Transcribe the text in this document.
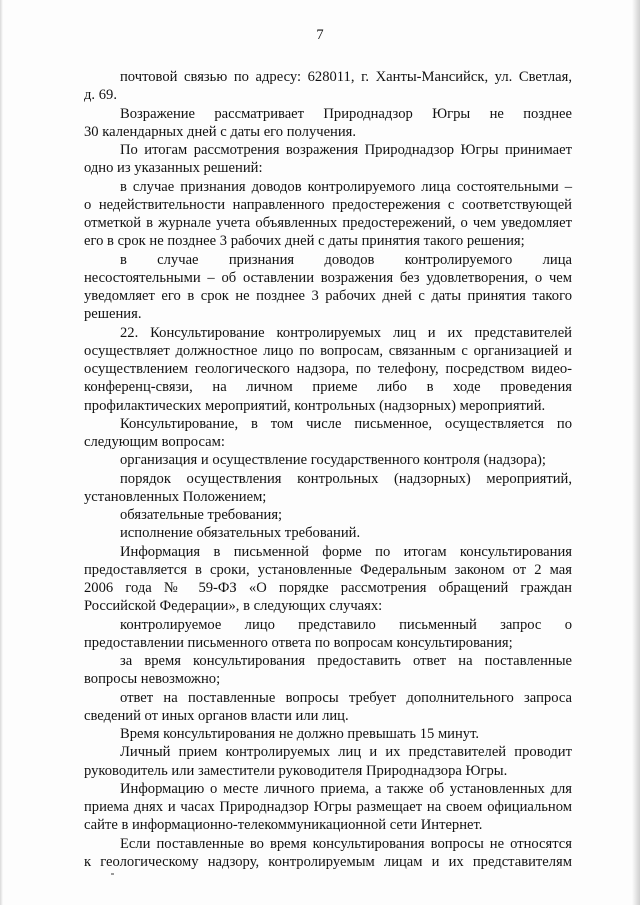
7
почтовой связью по адресу: 628011, г. Ханты-Мансийск, ул. Светлая,
д. 69.
Возражение рассматривает Природнадзор Югры не позднее
30 календарных дней с даты его получения.
По итогам рассмотрения возражения Природнадзор Югры принимает
одно из указанных решений:
в случае признания доводов контролируемого лица состоятельными –
о недействительности направленного предостережения с соответствующей
отметкой в журнале учета объявленных предостережений, о чем уведомляет
его в срок не позднее 3 рабочих дней с даты принятия такого решения;
в случае признания доводов контролируемого лица
несостоятельными – об оставлении возражения без удовлетворения, о чем
уведомляет его в срок не позднее 3 рабочих дней с даты принятия такого
решения.
22. Консультирование контролируемых лиц и их представителей
осуществляет должностное лицо по вопросам, связанным с организацией и
осуществлением геологического надзора, по телефону, посредством видео-
конференц-связи, на личном приеме либо в ходе проведения
профилактических мероприятий, контрольных (надзорных) мероприятий.
Консультирование, в том числе письменное, осуществляется по
следующим вопросам:
организация и осуществление государственного контроля (надзора);
порядок осуществления контрольных (надзорных) мероприятий,
установленных Положением;
обязательные требования;
исполнение обязательных требований.
Информация в письменной форме по итогам консультирования
предоставляется в сроки, установленные Федеральным законом от 2 мая
2006 года № 59-ФЗ «О порядке рассмотрения обращений граждан
Российской Федерации», в следующих случаях:
контролируемое лицо представило письменный запрос о
предоставлении письменного ответа по вопросам консультирования;
за время консультирования предоставить ответ на поставленные
вопросы невозможно;
ответ на поставленные вопросы требует дополнительного запроса
сведений от иных органов власти или лиц.
Время консультирования не должно превышать 15 минут.
Личный прием контролируемых лиц и их представителей проводит
руководитель или заместители руководителя Природнадзора Югры.
Информацию о месте личного приема, а также об установленных для
приема днях и часах Природнадзор Югры размещает на своем официальном
сайте в информационно-телекоммуникационной сети Интернет.
Если поставленные во время консультирования вопросы не относятся
к геологическому надзору, контролируемым лицам и их представителям
